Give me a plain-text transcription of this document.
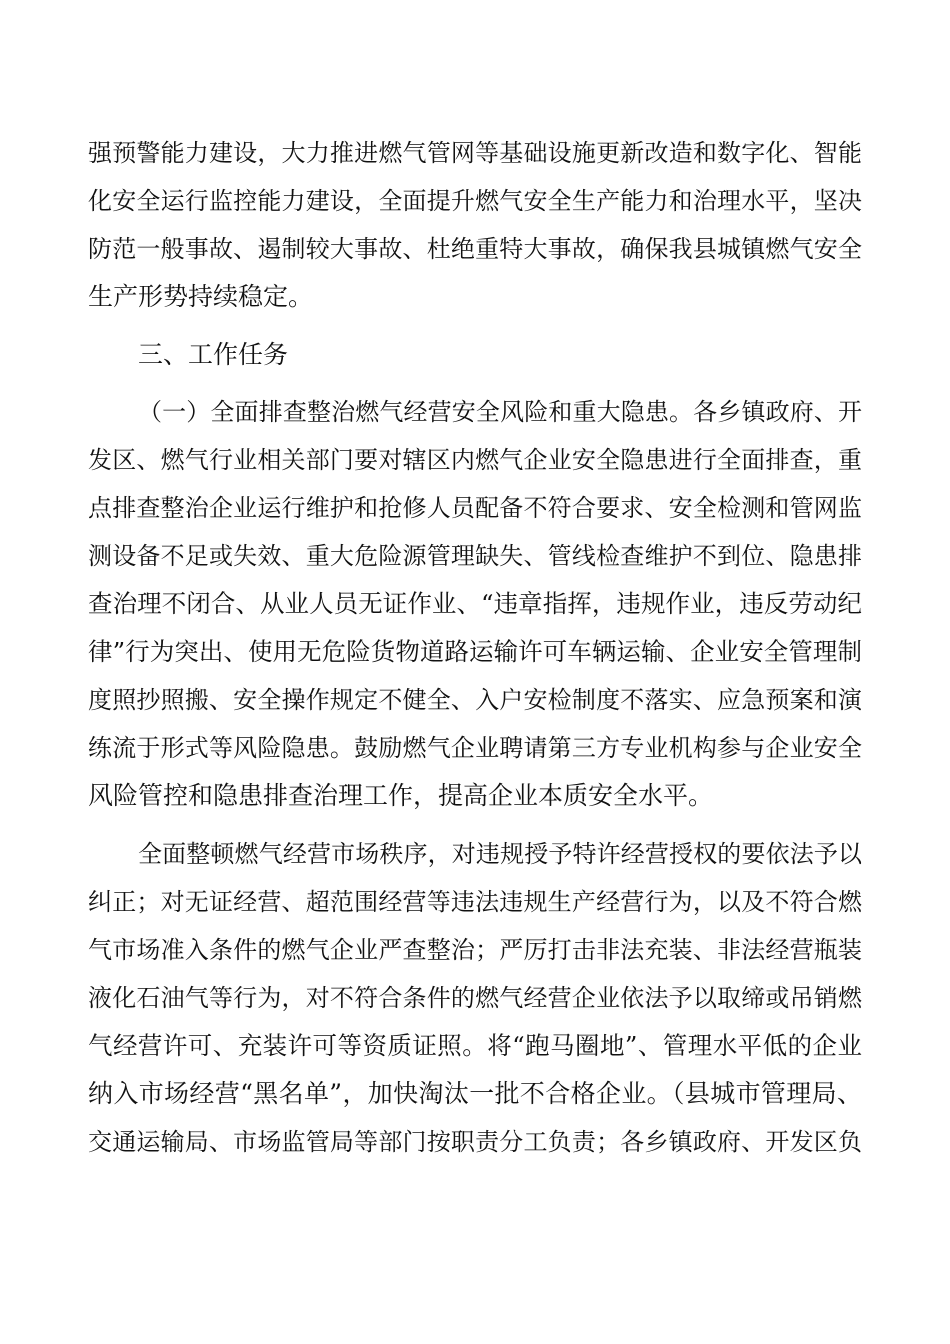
强预警能力建设，大力推进燃气管网等基础设施更新改造和数字化、智能
化安全运行监控能力建设，全面提升燃气安全生产能力和治理水平，坚决
防范一般事故、遏制较大事故、杜绝重特大事故，确保我县城镇燃气安全
生产形势持续稳定。
三、工作任务
（一）全面排查整治燃气经营安全风险和重大隐患。各乡镇政府、开
发区、燃气行业相关部门要对辖区内燃气企业安全隐患进行全面排查，重
点排查整治企业运行维护和抢修人员配备不符合要求、安全检测和管网监
测设备不足或失效、重大危险源管理缺失、管线检查维护不到位、隐患排
查治理不闭合、从业人员无证作业、“违章指挥，违规作业，违反劳动纪
律”行为突出、使用无危险货物道路运输许可车辆运输、企业安全管理制
度照抄照搬、安全操作规定不健全、入户安检制度不落实、应急预案和演
练流于形式等风险隐患。鼓励燃气企业聘请第三方专业机构参与企业安全
风险管控和隐患排查治理工作，提高企业本质安全水平。
全面整顿燃气经营市场秩序，对违规授予特许经营授权的要依法予以
纠正；对无证经营、超范围经营等违法违规生产经营行为，以及不符合燃
气市场准入条件的燃气企业严查整治；严厉打击非法充装、非法经营瓶装
液化石油气等行为，对不符合条件的燃气经营企业依法予以取缔或吊销燃
气经营许可、充装许可等资质证照。将“跑马圈地”、管理水平低的企业
纳入市场经营“黑名单”，加快淘汰一批不合格企业。（县城市管理局、
交通运输局、市场监管局等部门按职责分工负责；各乡镇政府、开发区负
